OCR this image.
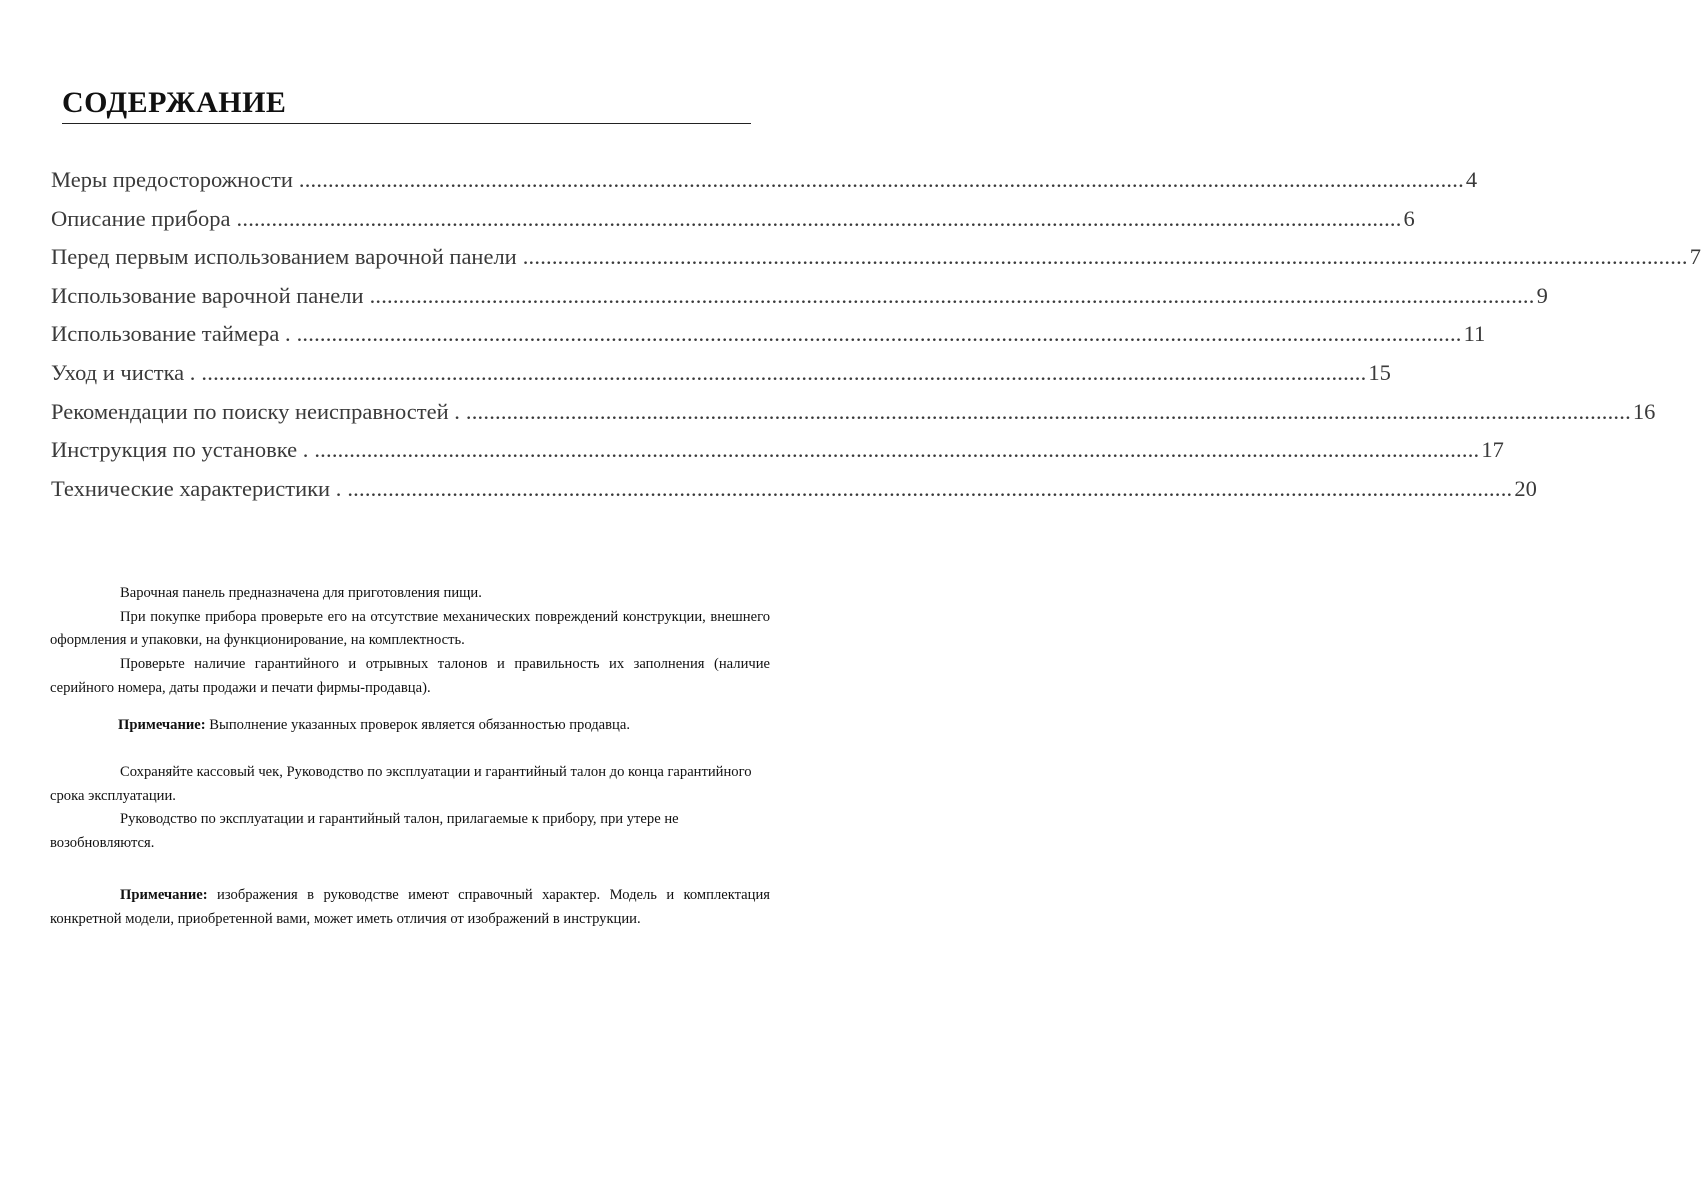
СОДЕРЖАНИЕ
Меры предосторожности ........................................................................................................................................................................................................ 4
Описание прибора ........................................................................................................................................................................................................ 6
Перед первым использованием варочной панели ........................................................................................................................................................................................................ 7
Использование варочной панели ........................................................................................................................................................................................................ 9
Использование таймера . ........................................................................................................................................................................................................ 11
Уход и чистка . ........................................................................................................................................................................................................ 15
Рекомендации по поиску неисправностей . ........................................................................................................................................................................................................ 16
Инструкция по установке . ........................................................................................................................................................................................................ 17
Технические характеристики . ........................................................................................................................................................................................................ 20

Варочная панель предназначена для приготовления пищи.

При покупке прибора проверьте его на отсутствие механических повреждений конструкции, внешнего оформления и упаковки, на функционирование, на комплектность.

Проверьте наличие гарантийного и отрывных талонов и правильность их заполнения (наличие серийного номера, даты продажи и печати фирмы-продавца).

Примечание: Выполнение указанных проверок является обязанностью продавца.

Сохраняйте кассовый чек, Руководство по эксплуатации и гарантийный талон до конца гарантийного срока эксплуатации.

Руководство по эксплуатации и гарантийный талон, прилагаемые к прибору, при утере не возобновляются.

Примечание: изображения в руководстве имеют справочный характер. Модель и комплектация конкретной модели, приобретенной вами, может иметь отличия от изображений в инструкции.
